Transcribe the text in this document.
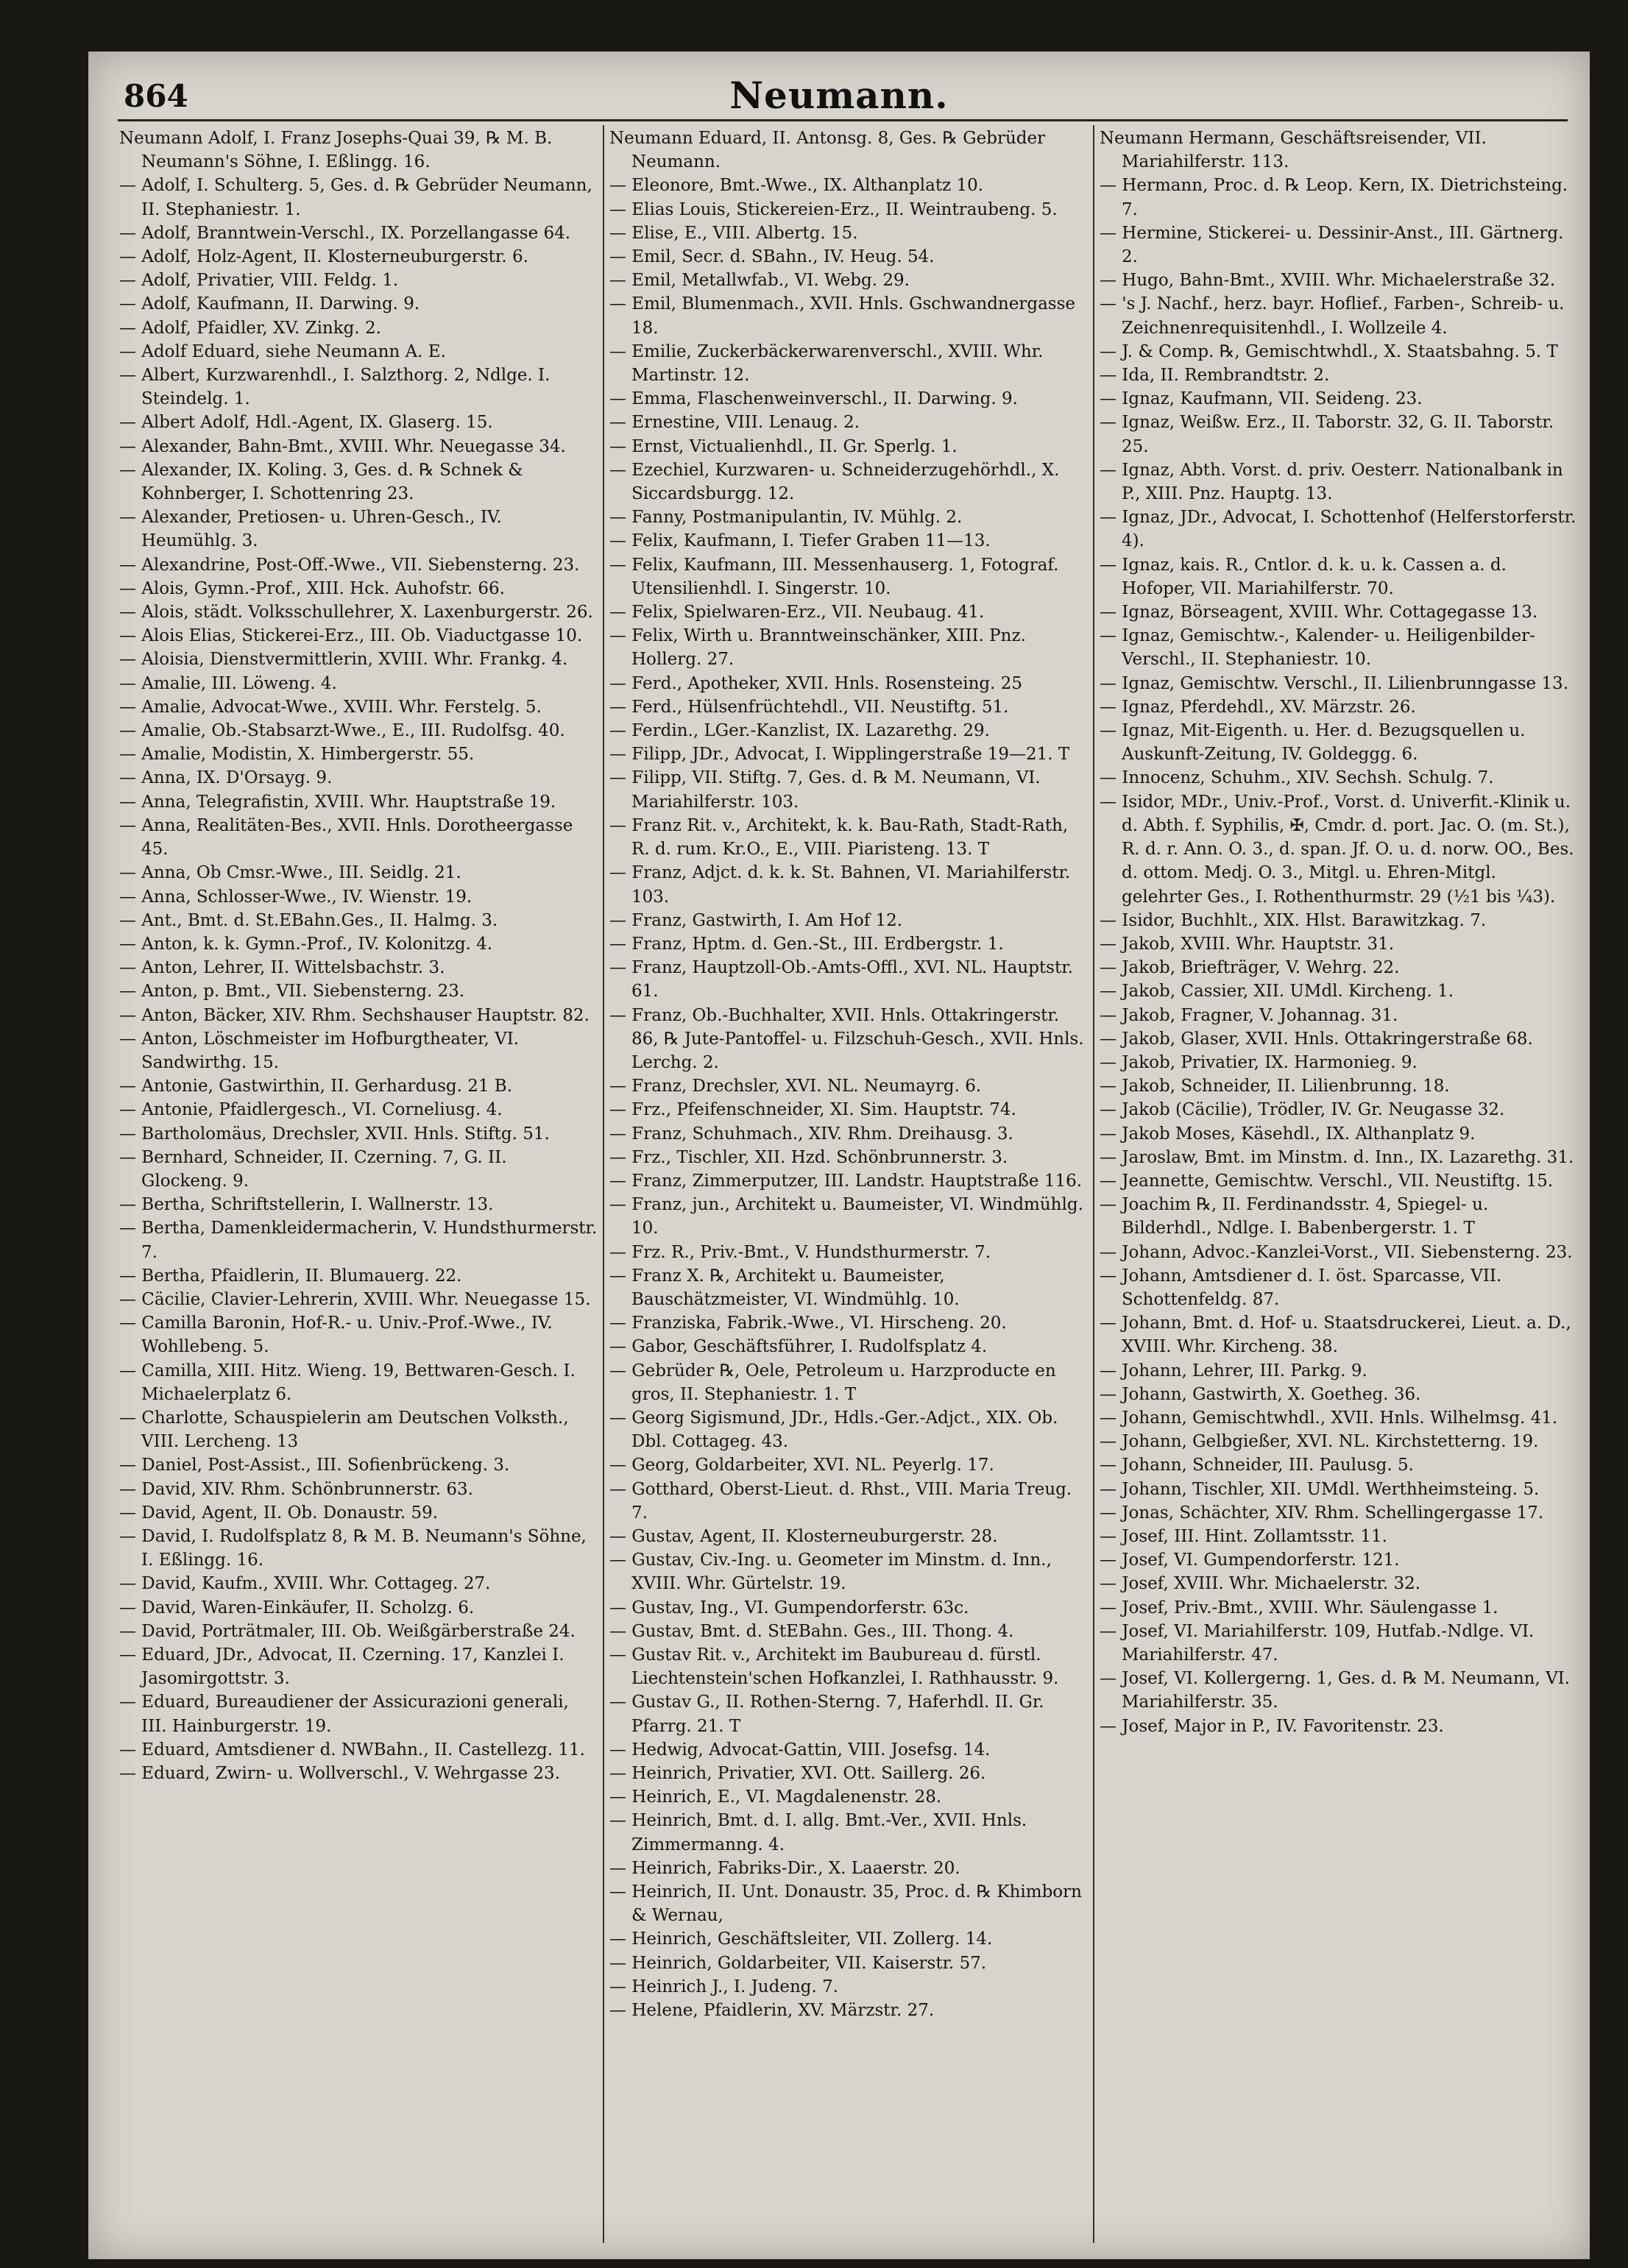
864	Neumann.
Neumann Adolf, I. Franz Josephs-Quai 39, ℞ M. B. Neumann's Söhne, I. Eßlingg. 16.
— Adolf, I. Schulterg. 5, Ges. d. ℞ Gebrüder Neumann, II. Stephaniestr. 1.
— Adolf, Branntwein-Verschl., IX. Porzellangasse 64.
— Adolf, Holz-Agent, II. Klosterneuburgerstr. 6.
— Adolf, Privatier, VIII. Feldg. 1.
— Adolf, Kaufmann, II. Darwing. 9.
— Adolf, Pfaidler, XV. Zinkg. 2.
— Adolf Eduard, siehe Neumann A. E.
— Albert, Kurzwarenhdl., I. Salzthorg. 2, Ndlge. I. Steindelg. 1.
— Albert Adolf, Hdl.-Agent, IX. Glaserg. 15.
— Alexander, Bahn-Bmt., XVIII. Whr. Neuegasse 34.
— Alexander, IX. Koling. 3, Ges. d. ℞ Schnek & Kohnberger, I. Schottenring 23.
— Alexander, Pretiosen- u. Uhren-Gesch., IV. Heumühlg. 3.
— Alexandrine, Post-Off.-Wwe., VII. Siebensterng. 23.
— Alois, Gymn.-Prof., XIII. Hck. Auhofstr. 66.
— Alois, städt. Volksschullehrer, X. Laxenburgerstr. 26.
— Alois Elias, Stickerei-Erz., III. Ob. Viaductgasse 10.
— Aloisia, Dienstvermittlerin, XVIII. Whr. Frankg. 4.
— Amalie, III. Löweng. 4.
— Amalie, Advocat-Wwe., XVIII. Whr. Ferstelg. 5.
— Amalie, Ob.-Stabsarzt-Wwe., E., III. Rudolfsg. 40.
— Amalie, Modistin, X. Himbergerstr. 55.
— Anna, IX. D'Orsayg. 9.
— Anna, Telegrafistin, XVIII. Whr. Hauptstraße 19.
— Anna, Realitäten-Bes., XVII. Hnls. Dorotheergasse 45.
— Anna, Ob Cmsr.-Wwe., III. Seidlg. 21.
— Anna, Schlosser-Wwe., IV. Wienstr. 19.
— Ant., Bmt. d. St.EBahn.Ges., II. Halmg. 3.
— Anton, k. k. Gymn.-Prof., IV. Kolonitzg. 4.
— Anton, Lehrer, II. Wittelsbachstr. 3.
— Anton, p. Bmt., VII. Siebensterng. 23.
— Anton, Bäcker, XIV. Rhm. Sechshauser Hauptstr. 82.
— Anton, Löschmeister im Hofburgtheater, VI. Sandwirthg. 15.
— Antonie, Gastwirthin, II. Gerhardusg. 21 B.
— Antonie, Pfaidlergesch., VI. Corneliusg. 4.
— Bartholomäus, Drechsler, XVII. Hnls. Stiftg. 51.
— Bernhard, Schneider, II. Czerning. 7, G. II. Glockeng. 9.
— Bertha, Schriftstellerin, I. Wallnerstr. 13.
— Bertha, Damenkleidermacherin, V. Hundsthurmerstr. 7.
— Bertha, Pfaidlerin, II. Blumauerg. 22.
— Cäcilie, Clavier-Lehrerin, XVIII. Whr. Neuegasse 15.
— Camilla Baronin, Hof-R.- u. Univ.-Prof.-Wwe., IV. Wohllebeng. 5.
— Camilla, XIII. Hitz. Wieng. 19, Bettwaren-Gesch. I. Michaelerplatz 6.
— Charlotte, Schauspielerin am Deutschen Volksth., VIII. Lercheng. 13
— Daniel, Post-Assist., III. Sofienbrückeng. 3.
— David, XIV. Rhm. Schönbrunnerstr. 63.
— David, Agent, II. Ob. Donaustr. 59.
— David, I. Rudolfsplatz 8, ℞ M. B. Neumann's Söhne, I. Eßlingg. 16.
— David, Kaufm., XVIII. Whr. Cottageg. 27.
— David, Waren-Einkäufer, II. Scholzg. 6.
— David, Porträtmaler, III. Ob. Weißgärberstraße 24.
— Eduard, JDr., Advocat, II. Czerning. 17, Kanzlei I. Jasomirgottstr. 3.
— Eduard, Bureaudiener der Assicurazioni generali, III. Hainburgerstr. 19.
— Eduard, Amtsdiener d. NWBahn., II. Castellezg. 11.
— Eduard, Zwirn- u. Wollverschl., V. Wehrgasse 23.
Neumann Eduard, II. Antonsg. 8, Ges. ℞ Gebrüder Neumann.
— Eleonore, Bmt.-Wwe., IX. Althanplatz 10.
— Elias Louis, Stickereien-Erz., II. Weintraubeng. 5.
— Elise, E., VIII. Albertg. 15.
— Emil, Secr. d. SBahn., IV. Heug. 54.
— Emil, Metallwfab., VI. Webg. 29.
— Emil, Blumenmach., XVII. Hnls. Gschwandnergasse 18.
— Emilie, Zuckerbäckerwarenverschl., XVIII. Whr. Martinstr. 12.
— Emma, Flaschenweinverschl., II. Darwing. 9.
— Ernestine, VIII. Lenaug. 2.
— Ernst, Victualienhdl., II. Gr. Sperlg. 1.
— Ezechiel, Kurzwaren- u. Schneiderzugehörhdl., X. Siccardsburgg. 12.
— Fanny, Postmanipulantin, IV. Mühlg. 2.
— Felix, Kaufmann, I. Tiefer Graben 11—13.
— Felix, Kaufmann, III. Messenhauserg. 1, Fotograf. Utensilienhdl. I. Singerstr. 10.
— Felix, Spielwaren-Erz., VII. Neubaug. 41.
— Felix, Wirth u. Branntweinschänker, XIII. Pnz. Hollerg. 27.
— Ferd., Apotheker, XVII. Hnls. Rosensteing. 25
— Ferd., Hülsenfrüchtehdl., VII. Neustiftg. 51.
— Ferdin., LGer.-Kanzlist, IX. Lazarethg. 29.
— Filipp, JDr., Advocat, I. Wipplingerstraße 19—21. T
— Filipp, VII. Stiftg. 7, Ges. d. ℞ M. Neumann, VI. Mariahilferstr. 103.
— Franz Rit. v., Architekt, k. k. Bau-Rath, Stadt-Rath, R. d. rum. Kr.O., E., VIII. Piaristeng. 13. T
— Franz, Adjct. d. k. k. St. Bahnen, VI. Mariahilferstr. 103.
— Franz, Gastwirth, I. Am Hof 12.
— Franz, Hptm. d. Gen.-St., III. Erdbergstr. 1.
— Franz, Hauptzoll-Ob.-Amts-Offl., XVI. NL. Hauptstr. 61.
— Franz, Ob.-Buchhalter, XVII. Hnls. Ottakringerstr. 86, ℞ Jute-Pantoffel- u. Filzschuh-Gesch., XVII. Hnls. Lerchg. 2.
— Franz, Drechsler, XVI. NL. Neumayrg. 6.
— Frz., Pfeifenschneider, XI. Sim. Hauptstr. 74.
— Franz, Schuhmach., XIV. Rhm. Dreihausg. 3.
— Frz., Tischler, XII. Hzd. Schönbrunnerstr. 3.
— Franz, Zimmerputzer, III. Landstr. Hauptstraße 116.
— Franz, jun., Architekt u. Baumeister, VI. Windmühlg. 10.
— Frz. R., Priv.-Bmt., V. Hundsthurmerstr. 7.
— Franz X. ℞, Architekt u. Baumeister, Bauschätzmeister, VI. Windmühlg. 10.
— Franziska, Fabrik.-Wwe., VI. Hirscheng. 20.
— Gabor, Geschäftsführer, I. Rudolfsplatz 4.
— Gebrüder ℞, Oele, Petroleum u. Harzproducte en gros, II. Stephaniestr. 1. T
— Georg Sigismund, JDr., Hdls.-Ger.-Adjct., XIX. Ob. Dbl. Cottageg. 43.
— Georg, Goldarbeiter, XVI. NL. Peyerlg. 17.
— Gotthard, Oberst-Lieut. d. Rhst., VIII. Maria Treug. 7.
— Gustav, Agent, II. Klosterneuburgerstr. 28.
— Gustav, Civ.-Ing. u. Geometer im Minstm. d. Inn., XVIII. Whr. Gürtelstr. 19.
— Gustav, Ing., VI. Gumpendorferstr. 63c.
— Gustav, Bmt. d. StEBahn. Ges., III. Thong. 4.
— Gustav Rit. v., Architekt im Baubureau d. fürstl. Liechtenstein'schen Hofkanzlei, I. Rathhausstr. 9.
— Gustav G., II. Rothen-Sterng. 7, Haferhdl. II. Gr. Pfarrg. 21. T
— Hedwig, Advocat-Gattin, VIII. Josefsg. 14.
— Heinrich, Privatier, XVI. Ott. Saillerg. 26.
— Heinrich, E., VI. Magdalenenstr. 28.
— Heinrich, Bmt. d. I. allg. Bmt.-Ver., XVII. Hnls. Zimmermanng. 4.
— Heinrich, Fabriks-Dir., X. Laaerstr. 20.
— Heinrich, II. Unt. Donaustr. 35, Proc. d. ℞ Khimborn & Wernau,
— Heinrich, Geschäftsleiter, VII. Zollerg. 14.
— Heinrich, Goldarbeiter, VII. Kaiserstr. 57.
— Heinrich J., I. Judeng. 7.
— Helene, Pfaidlerin, XV. Märzstr. 27.
Neumann Hermann, Geschäftsreisender, VII. Mariahilferstr. 113.
— Hermann, Proc. d. ℞ Leop. Kern, IX. Dietrichsteing. 7.
— Hermine, Stickerei- u. Dessinir-Anst., III. Gärtnerg. 2.
— Hugo, Bahn-Bmt., XVIII. Whr. Michaelerstraße 32.
— 's J. Nachf., herz. bayr. Hoflief., Farben-, Schreib- u. Zeichnenrequisitenhdl., I. Wollzeile 4.
— J. & Comp. ℞, Gemischtwhdl., X. Staatsbahng. 5. T
— Ida, II. Rembrandtstr. 2.
— Ignaz, Kaufmann, VII. Seideng. 23.
— Ignaz, Weißw. Erz., II. Taborstr. 32, G. II. Taborstr. 25.
— Ignaz, Abth. Vorst. d. priv. Oesterr. Nationalbank in P., XIII. Pnz. Hauptg. 13.
— Ignaz, JDr., Advocat, I. Schottenhof (Helferstorferstr. 4).
— Ignaz, kais. R., Cntlor. d. k. u. k. Cassen a. d. Hofoper, VII. Mariahilferstr. 70.
— Ignaz, Börseagent, XVIII. Whr. Cottagegasse 13.
— Ignaz, Gemischtw.-, Kalender- u. Heiligenbilder-Verschl., II. Stephaniestr. 10.
— Ignaz, Gemischtw. Verschl., II. Lilienbrunngasse 13.
— Ignaz, Pferdehdl., XV. Märzstr. 26.
— Ignaz, Mit-Eigenth. u. Her. d. Bezugsquellen u. Auskunft-Zeitung, IV. Goldeggg. 6.
— Innocenz, Schuhm., XIV. Sechsh. Schulg. 7.
— Isidor, MDr., Univ.-Prof., Vorst. d. Univerfit.-Klinik u. d. Abth. f. Syphilis, ✠, Cmdr. d. port. Jac. O. (m. St.), R. d. r. Ann. O. 3., d. span. Jf. O. u. d. norw. OO., Bes. d. ottom. Medj. O. 3., Mitgl. u. Ehren-Mitgl. gelehrter Ges., I. Rothenthurmstr. 29 (½1 bis ¼3).
— Isidor, Buchhlt., XIX. Hlst. Barawitzkag. 7.
— Jakob, XVIII. Whr. Hauptstr. 31.
— Jakob, Briefträger, V. Wehrg. 22.
— Jakob, Cassier, XII. UMdl. Kircheng. 1.
— Jakob, Fragner, V. Johannag. 31.
— Jakob, Glaser, XVII. Hnls. Ottakringerstraße 68.
— Jakob, Privatier, IX. Harmonieg. 9.
— Jakob, Schneider, II. Lilienbrunng. 18.
— Jakob (Cäcilie), Trödler, IV. Gr. Neugasse 32.
— Jakob Moses, Käsehdl., IX. Althanplatz 9.
— Jaroslaw, Bmt. im Minstm. d. Inn., IX. Lazarethg. 31.
— Jeannette, Gemischtw. Verschl., VII. Neustiftg. 15.
— Joachim ℞, II. Ferdinandsstr. 4, Spiegel- u. Bilderhdl., Ndlge. I. Babenbergerstr. 1. T
— Johann, Advoc.-Kanzlei-Vorst., VII. Siebensterng. 23.
— Johann, Amtsdiener d. I. öst. Sparcasse, VII. Schottenfeldg. 87.
— Johann, Bmt. d. Hof- u. Staatsdruckerei, Lieut. a. D., XVIII. Whr. Kircheng. 38.
— Johann, Lehrer, III. Parkg. 9.
— Johann, Gastwirth, X. Goetheg. 36.
— Johann, Gemischtwhdl., XVII. Hnls. Wilhelmsg. 41.
— Johann, Gelbgießer, XVI. NL. Kirchstetterng. 19.
— Johann, Schneider, III. Paulusg. 5.
— Johann, Tischler, XII. UMdl. Werthheimsteing. 5.
— Jonas, Schächter, XIV. Rhm. Schellingergasse 17.
— Josef, III. Hint. Zollamtsstr. 11.
— Josef, VI. Gumpendorferstr. 121.
— Josef, XVIII. Whr. Michaelerstr. 32.
— Josef, Priv.-Bmt., XVIII. Whr. Säulengasse 1.
— Josef, VI. Mariahilferstr. 109, Hutfab.-Ndlge. VI. Mariahilferstr. 47.
— Josef, VI. Kollergerng. 1, Ges. d. ℞ M. Neumann, VI. Mariahilferstr. 35.
— Josef, Major in P., IV. Favoritenstr. 23.
